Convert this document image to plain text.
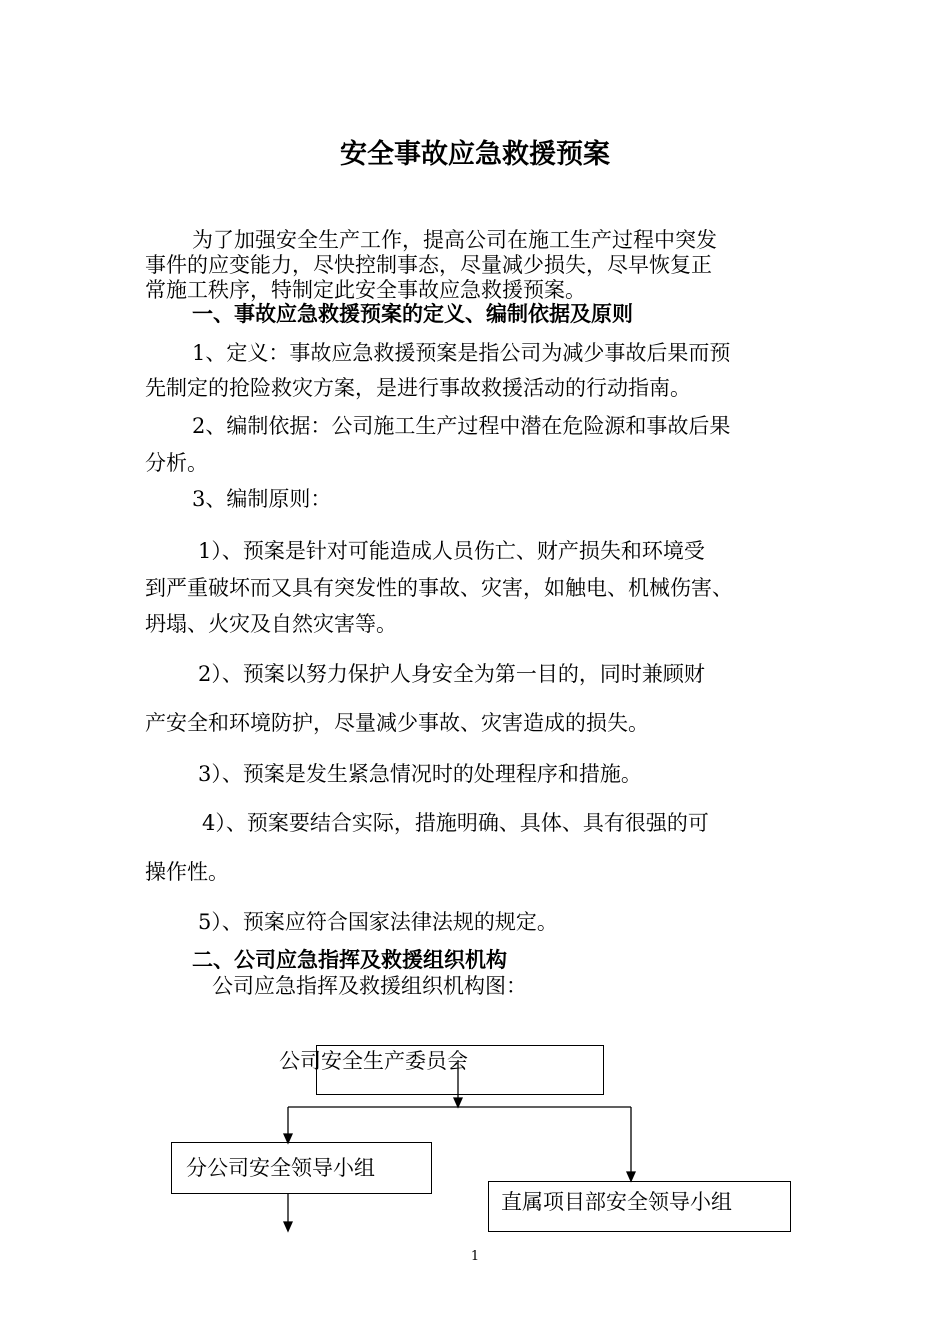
安全事故应急救援预案
为了加强安全生产工作，提高公司在施工生产过程中突发
事件的应变能力，尽快控制事态，尽量减少损失，尽早恢复正
常施工秩序，特制定此安全事故应急救援预案。
一、事故应急救援预案的定义、编制依据及原则
1、定义：事故应急救援预案是指公司为减少事故后果而预
先制定的抢险救灾方案，是进行事故救援活动的行动指南。
2、编制依据：公司施工生产过程中潜在危险源和事故后果
分析。
3、编制原则：
1）、预案是针对可能造成人员伤亡、财产损失和环境受
到严重破坏而又具有突发性的事故、灾害，如触电、机械伤害、
坍塌、火灾及自然灾害等。
2）、预案以努力保护人身安全为第一目的，同时兼顾财
产安全和环境防护，尽量减少事故、灾害造成的损失。
3）、预案是发生紧急情况时的处理程序和措施。
4）、预案要结合实际，措施明确、具体、具有很强的可
操作性。
5）、预案应符合国家法律法规的规定。
二、公司应急指挥及救援组织机构
公司应急指挥及救援组织机构图：
公司安全生产委员会
分公司安全领导小组
直属项目部安全领导小组
1
